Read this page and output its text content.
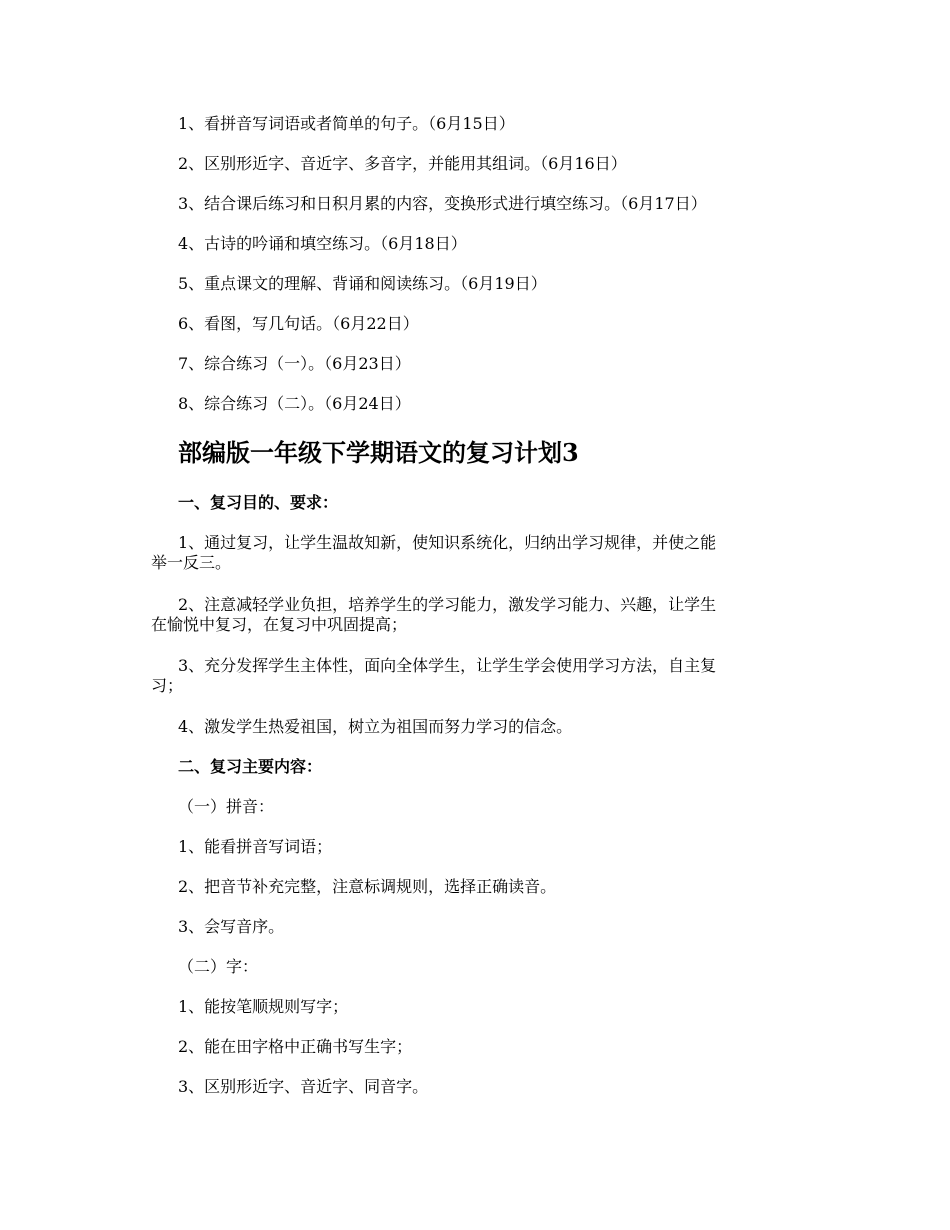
1、看拼音写词语或者简单的句子。（6月15日）
2、区别形近字、音近字、多音字，并能用其组词。（6月16日）
3、结合课后练习和日积月累的内容，变换形式进行填空练习。（6月17日）
4、古诗的吟诵和填空练习。（6月18日）
5、重点课文的理解、背诵和阅读练习。（6月19日）
6、看图，写几句话。（6月22日）
7、综合练习（一）。（6月23日）
8、综合练习（二）。（6月24日）
部编版一年级下学期语文的复习计划3
一、复习目的、要求：
1、通过复习，让学生温故知新，使知识系统化，归纳出学习规律，并使之能
举一反三。
2、注意减轻学业负担，培养学生的学习能力，激发学习能力、兴趣，让学生
在愉悦中复习，在复习中巩固提高；
3、充分发挥学生主体性，面向全体学生，让学生学会使用学习方法，自主复
习；
4、激发学生热爱祖国，树立为祖国而努力学习的信念。
二、复习主要内容：
（一）拼音：
1、能看拼音写词语；
2、把音节补充完整，注意标调规则，选择正确读音。
3、会写音序。
（二）字：
1、能按笔顺规则写字；
2、能在田字格中正确书写生字；
3、区别形近字、音近字、同音字。
